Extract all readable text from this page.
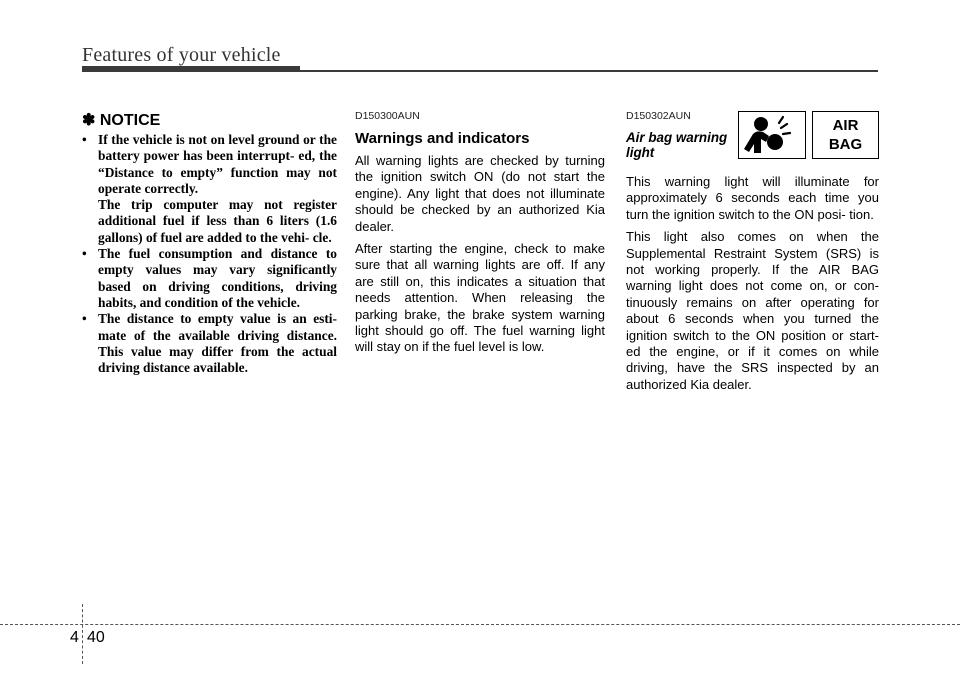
Features of your vehicle
✽ NOTICE
• If the vehicle is not on level ground or the battery power has been interrupt- ed, the “Distance to empty” function may not operate correctly.
The trip computer may not register additional fuel if less than 6 liters (1.6 gallons) of fuel are added to the vehi- cle.
• The fuel consumption and distance to empty values may vary significantly based on driving conditions, driving habits, and condition of the vehicle.
• The distance to empty value is an esti- mate of the available driving distance. This value may differ from the actual driving distance available.
D150300AUN
Warnings and indicators

All warning lights are checked by turning the ignition switch ON (do not start the engine). Any light that does not illuminate should be checked by an authorized Kia dealer.

After starting the engine, check to make sure that all warning lights are off. If any are still on, this indicates a situation that needs attention. When releasing the parking brake, the brake system warning light should go off. The fuel warning light will stay on if the fuel level is low.

D150302AUN
Air bag warning light
AIR
BAG

This warning light will illuminate for approximately 6 seconds each time you turn the ignition switch to the ON posi- tion.

This light also comes on when the Supplemental Restraint System (SRS) is not working properly. If the AIR BAG warning light does not come on, or con- tinuously remains on after operating for about 6 seconds when you turned the ignition switch to the ON position or start- ed the engine, or if it comes on while driving, have the SRS inspected by an authorized Kia dealer.

4 40
